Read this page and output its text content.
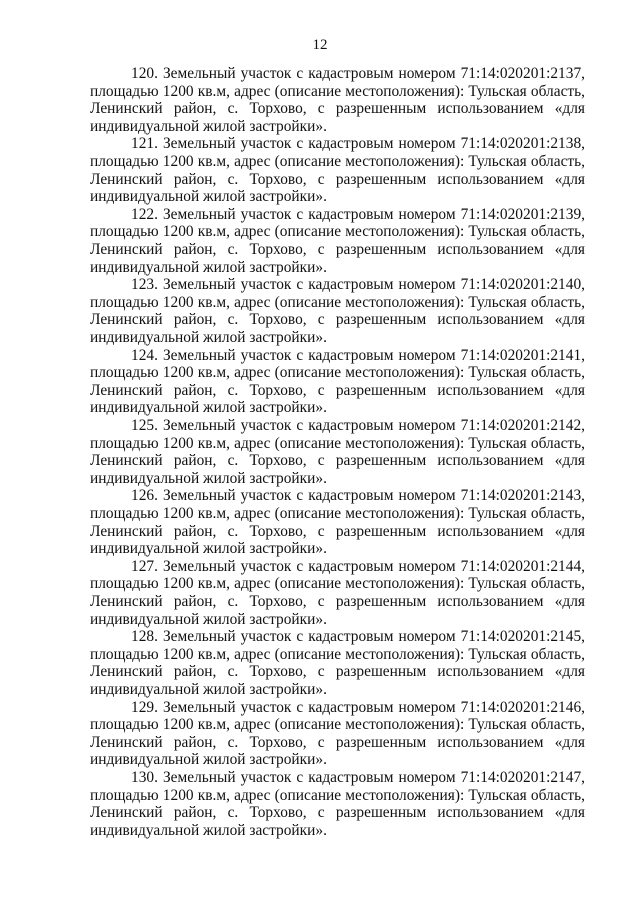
12

120. Земельный участок с кадастровым номером 71:14:020201:2137, площадью 1200 кв.м, адрес (описание местоположения): Тульская область, Ленинский район, с. Торхово, с разрешенным использованием «для индивидуальной жилой застройки».

121. Земельный участок с кадастровым номером 71:14:020201:2138, площадью 1200 кв.м, адрес (описание местоположения): Тульская область, Ленинский район, с. Торхово, с разрешенным использованием «для индивидуальной жилой застройки».

122. Земельный участок с кадастровым номером 71:14:020201:2139, площадью 1200 кв.м, адрес (описание местоположения): Тульская область, Ленинский район, с. Торхово, с разрешенным использованием «для индивидуальной жилой застройки».

123. Земельный участок с кадастровым номером 71:14:020201:2140, площадью 1200 кв.м, адрес (описание местоположения): Тульская область, Ленинский район, с. Торхово, с разрешенным использованием «для индивидуальной жилой застройки».

124. Земельный участок с кадастровым номером 71:14:020201:2141, площадью 1200 кв.м, адрес (описание местоположения): Тульская область, Ленинский район, с. Торхово, с разрешенным использованием «для индивидуальной жилой застройки».

125. Земельный участок с кадастровым номером 71:14:020201:2142, площадью 1200 кв.м, адрес (описание местоположения): Тульская область, Ленинский район, с. Торхово, с разрешенным использованием «для индивидуальной жилой застройки».

126. Земельный участок с кадастровым номером 71:14:020201:2143, площадью 1200 кв.м, адрес (описание местоположения): Тульская область, Ленинский район, с. Торхово, с разрешенным использованием «для индивидуальной жилой застройки».

127. Земельный участок с кадастровым номером 71:14:020201:2144, площадью 1200 кв.м, адрес (описание местоположения): Тульская область, Ленинский район, с. Торхово, с разрешенным использованием «для индивидуальной жилой застройки».

128. Земельный участок с кадастровым номером 71:14:020201:2145, площадью 1200 кв.м, адрес (описание местоположения): Тульская область, Ленинский район, с. Торхово, с разрешенным использованием «для индивидуальной жилой застройки».

129. Земельный участок с кадастровым номером 71:14:020201:2146, площадью 1200 кв.м, адрес (описание местоположения): Тульская область, Ленинский район, с. Торхово, с разрешенным использованием «для индивидуальной жилой застройки».

130. Земельный участок с кадастровым номером 71:14:020201:2147, площадью 1200 кв.м, адрес (описание местоположения): Тульская область, Ленинский район, с. Торхово, с разрешенным использованием «для индивидуальной жилой застройки».
